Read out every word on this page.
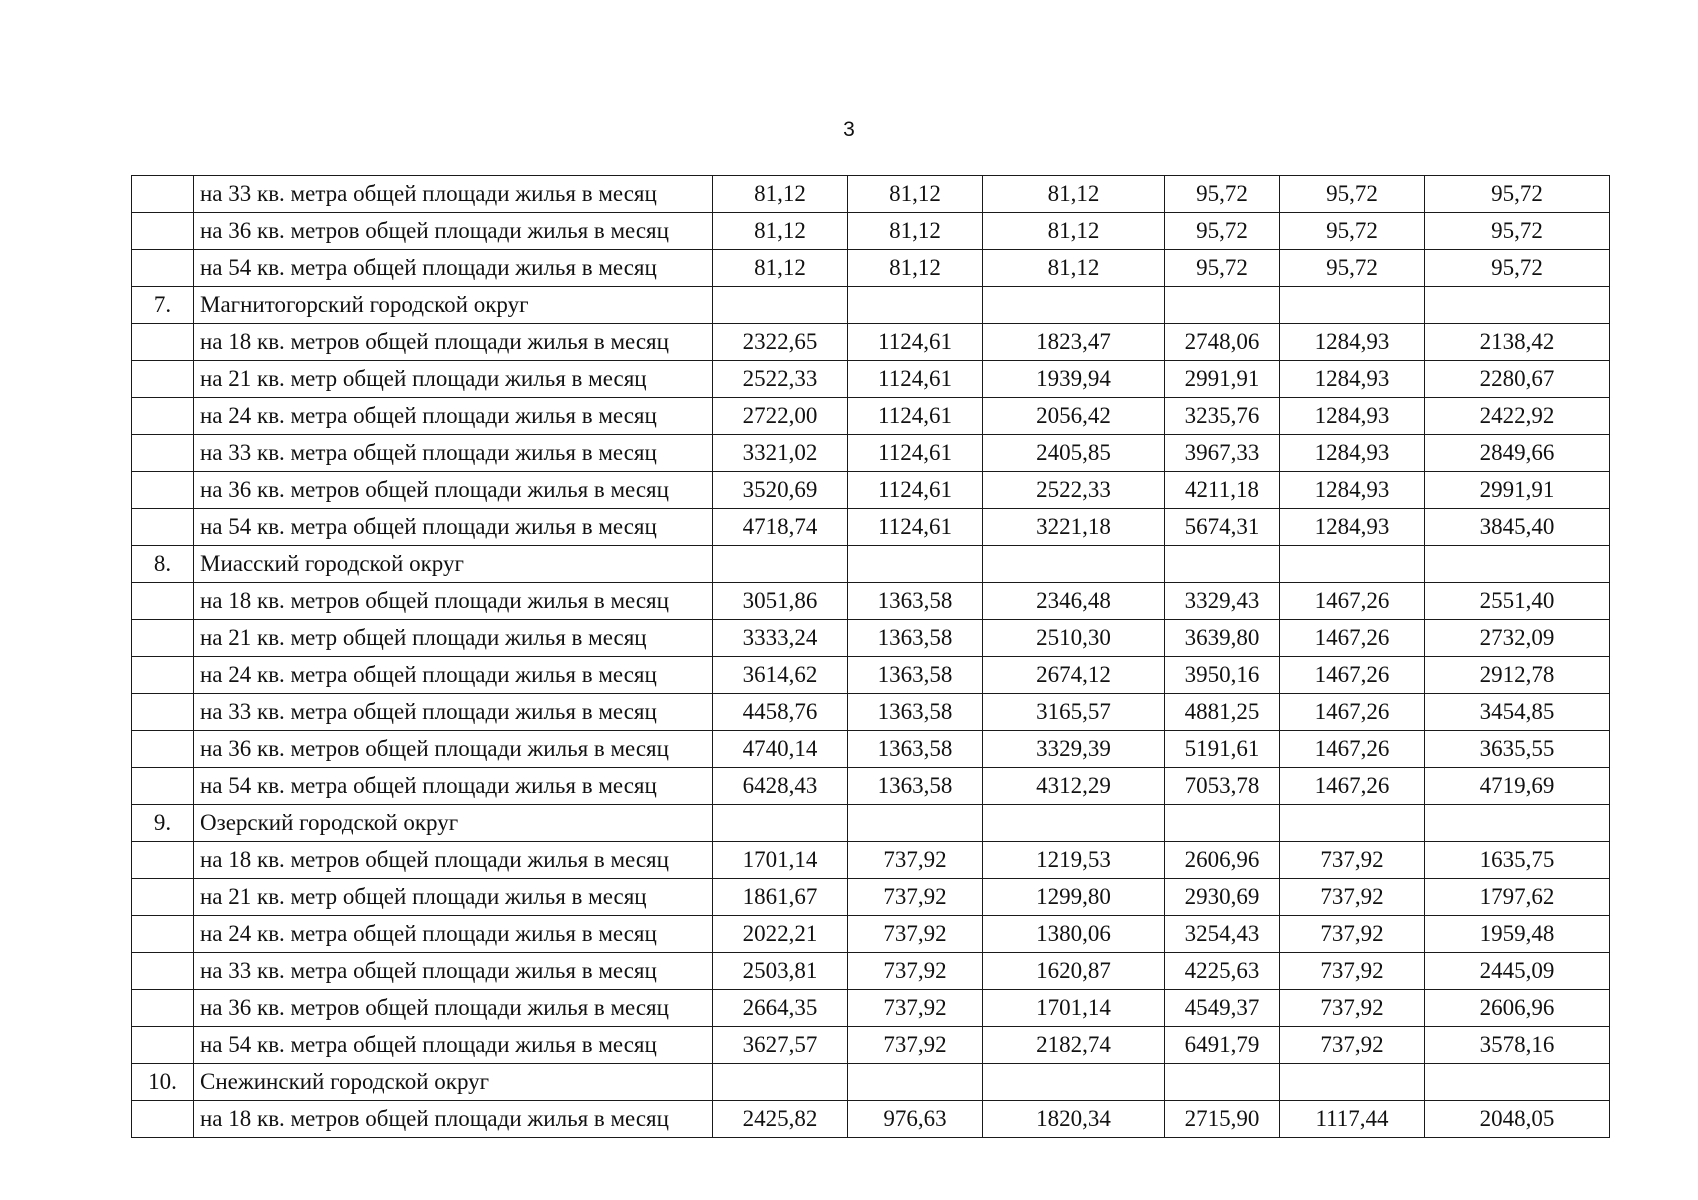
3
	на 33 кв. метра общей площади жилья в месяц	81,12	81,12	81,12	95,72	95,72	95,72
	на 36 кв. метров общей площади жилья в месяц	81,12	81,12	81,12	95,72	95,72	95,72
	на 54 кв. метра общей площади жилья в месяц	81,12	81,12	81,12	95,72	95,72	95,72
7.	Магнитогорский городской округ						
	на 18 кв. метров общей площади жилья в месяц	2322,65	1124,61	1823,47	2748,06	1284,93	2138,42
	на 21 кв. метр общей площади жилья в месяц	2522,33	1124,61	1939,94	2991,91	1284,93	2280,67
	на 24 кв. метра общей площади жилья в месяц	2722,00	1124,61	2056,42	3235,76	1284,93	2422,92
	на 33 кв. метра общей площади жилья в месяц	3321,02	1124,61	2405,85	3967,33	1284,93	2849,66
	на 36 кв. метров общей площади жилья в месяц	3520,69	1124,61	2522,33	4211,18	1284,93	2991,91
	на 54 кв. метра общей площади жилья в месяц	4718,74	1124,61	3221,18	5674,31	1284,93	3845,40
8.	Миасский городской округ						
	на 18 кв. метров общей площади жилья в месяц	3051,86	1363,58	2346,48	3329,43	1467,26	2551,40
	на 21 кв. метр общей площади жилья в месяц	3333,24	1363,58	2510,30	3639,80	1467,26	2732,09
	на 24 кв. метра общей площади жилья в месяц	3614,62	1363,58	2674,12	3950,16	1467,26	2912,78
	на 33 кв. метра общей площади жилья в месяц	4458,76	1363,58	3165,57	4881,25	1467,26	3454,85
	на 36 кв. метров общей площади жилья в месяц	4740,14	1363,58	3329,39	5191,61	1467,26	3635,55
	на 54 кв. метра общей площади жилья в месяц	6428,43	1363,58	4312,29	7053,78	1467,26	4719,69
9.	Озерский городской округ						
	на 18 кв. метров общей площади жилья в месяц	1701,14	737,92	1219,53	2606,96	737,92	1635,75
	на 21 кв. метр общей площади жилья в месяц	1861,67	737,92	1299,80	2930,69	737,92	1797,62
	на 24 кв. метра общей площади жилья в месяц	2022,21	737,92	1380,06	3254,43	737,92	1959,48
	на 33 кв. метра общей площади жилья в месяц	2503,81	737,92	1620,87	4225,63	737,92	2445,09
	на 36 кв. метров общей площади жилья в месяц	2664,35	737,92	1701,14	4549,37	737,92	2606,96
	на 54 кв. метра общей площади жилья в месяц	3627,57	737,92	2182,74	6491,79	737,92	3578,16
10.	Снежинский городской округ						
	на 18 кв. метров общей площади жилья в месяц	2425,82	976,63	1820,34	2715,90	1117,44	2048,05
